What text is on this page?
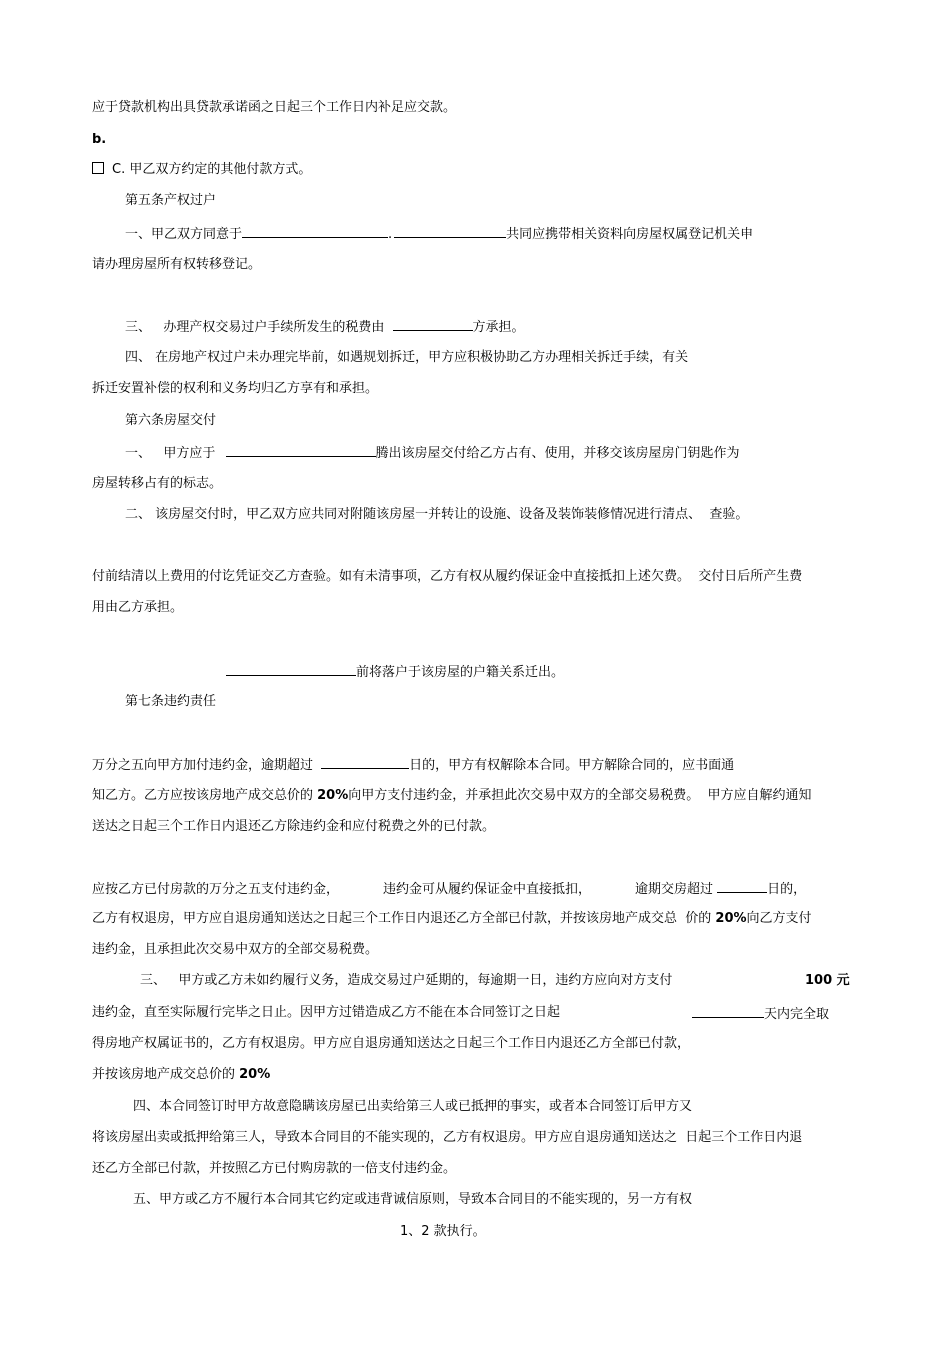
应于贷款机构出具贷款承诺函之日起三个工作日内补足应交款。
b.
C. 甲乙双方约定的其他付款方式。
第五条产权过户
一、甲乙双方同意于	.	共同应携带相关资料向房屋权属登记机关申
请办理房屋所有权转移登记。
三、   办理产权交易过户手续所发生的税费由	方承担。
四、 在房地产权过户未办理完毕前，如遇规划拆迁，甲方应积极协助乙方办理相关拆迁手续，有关
拆迁安置补偿的权利和义务均归乙方享有和承担。
第六条房屋交付
一、   甲方应于	腾出该房屋交付给乙方占有、使用，并移交该房屋房门钥匙作为
房屋转移占有的标志。
二、 该房屋交付时，甲乙双方应共同对附随该房屋一并转让的设施、设备及装饰装修情况进行清点、  查验。
付前结清以上费用的付讫凭证交乙方查验。如有未清事项，乙方有权从履约保证金中直接抵扣上述欠费。  交付日后所产生费
用由乙方承担。
前将落户于该房屋的户籍关系迁出。
第七条违约责任
万分之五向甲方加付违约金，逾期超过	日的，甲方有权解除本合同。甲方解除合同的，应书面通
知乙方。乙方应按该房地产成交总价的 20%向甲方支付违约金，并承担此次交易中双方的全部交易税费。  甲方应自解约通知
送达之日起三个工作日内退还乙方除违约金和应付税费之外的已付款。
应按乙方已付房款的万分之五支付违约金，	违约金可从履约保证金中直接抵扣，	逾期交房超过	日的，
乙方有权退房，甲方应自退房通知送达之日起三个工作日内退还乙方全部已付款，并按该房地产成交总  价的 20%向乙方支付
违约金，且承担此次交易中双方的全部交易税费。
三、   甲方或乙方未如约履行义务，造成交易过户延期的，每逾期一日，违约方应向对方支付	100 元
违约金，直至实际履行完毕之日止。因甲方过错造成乙方不能在本合同签订之日起	天内完全取
得房地产权属证书的，乙方有权退房。甲方应自退房通知送达之日起三个工作日内退还乙方全部已付款，
并按该房地产成交总价的 20%
四、本合同签订时甲方故意隐瞒该房屋已出卖给第三人或已抵押的事实，或者本合同签订后甲方又
将该房屋出卖或抵押给第三人，导致本合同目的不能实现的，乙方有权退房。甲方应自退房通知送达之  日起三个工作日内退
还乙方全部已付款，并按照乙方已付购房款的一倍支付违约金。
五、甲方或乙方不履行本合同其它约定或违背诚信原则，导致本合同目的不能实现的，另一方有权
1、2 款执行。
